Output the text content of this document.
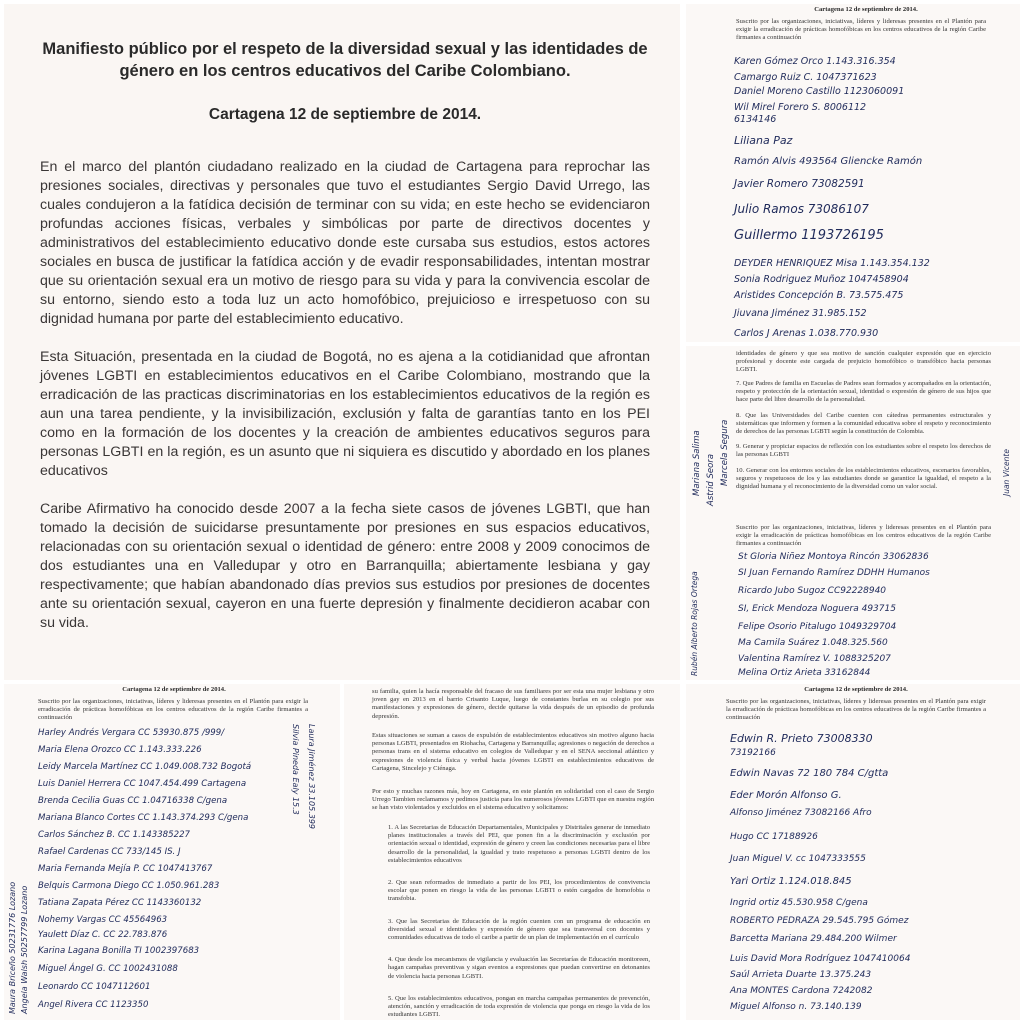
Manifiesto público por el respeto de la diversidad sexual y las identidades de género en los centros educativos del Caribe Colombiano.
Cartagena 12 de septiembre de 2014.

En el marco del plantón ciudadano realizado en la ciudad de Cartagena para reprochar las presiones sociales, directivas y personales que tuvo el estudiantes Sergio David Urrego, las cuales condujeron a la fatídica decisión de terminar con su vida; en este hecho se evidenciaron profundas acciones físicas, verbales y simbólicas por parte de directivos docentes y administrativos del establecimiento educativo donde este cursaba sus estudios, estos actores sociales en busca de justificar la fatídica acción y de evadir responsabilidades, intentan mostrar que su orientación sexual era un motivo de riesgo para su vida y para la convivencia escolar de su entorno, siendo esto a toda luz un acto homofóbico, prejuicioso e irrespetuoso con su dignidad humana por parte del establecimiento educativo.

Esta Situación, presentada en la ciudad de Bogotá, no es ajena a la cotidianidad que afrontan jóvenes LGBTI en establecimientos educativos en el Caribe Colombiano, mostrando que la erradicación de las practicas discriminatorias en los establecimientos educativos de la región es aun una tarea pendiente, y la invisibilización, exclusión y falta de garantías tanto en los PEI como en la formación de los docentes y la creación de ambientes educativos seguros para personas LGBTI en la región, es un asunto que ni siquiera es discutido y abordado en los planes educativos

Caribe Afirmativo ha conocido desde 2007 a la fecha siete casos de jóvenes LGBTI, que han tomado la decisión de suicidarse presuntamente por presiones en sus espacios educativos, relacionadas con su orientación sexual o identidad de género: entre 2008 y 2009 conocimos de dos estudiantes una en Valledupar y otro en Barranquilla; abiertamente lesbiana y gay respectivamente; que habían abandonado días previos sus estudios por presiones de docentes ante su orientación sexual, cayeron en una fuerte depresión y finalmente decidieron acabar con su vida.

Cartagena 12 de septiembre de 2014.
Suscrito por las organizaciones, iniciativas, líderes y lideresas presentes en el Plantón para exigir la erradicación de prácticas homofóbicas en los centros educativos de la región Caribe firmantes a continuación
Karen Gómez Orco 1.143.316.354
Camargo Ruiz C. 1047371623
Daniel Moreno Castillo 1123060091
Wil Mirel Forero S. 8006112
6134146
Liliana Paz
Ramón Alvis 493564 Gliencke Ramón
Javier Romero 73082591
Julio Ramos 73086107
Guillermo 1193726195
DEYDER HENRIQUEZ Misa 1.143.354.132
Sonia Rodriguez Muñoz 1047458904
Aristides Concepción B. 73.575.475
Jiuvana Jiménez 31.985.152
Carlos J Arenas 1.038.770.930
identidades de género y que sea motivo de sanción cualquier expresión que en ejercicio profesional y docente este cargada de prejuicio homofóbico o transfóbico hacia personas LGBTI.
7. Que Padres de familia en Escuelas de Padres sean formados y acompañados en la orientación, respeto y protección de la orientación sexual, identidad o expresión de género de sus hijos que hace parte del libre desarrollo de la personalidad.
8. Que las Universidades del Caribe cuenten con cátedras permanentes estructurales y sistemáticas que informen y formen a la comunidad educativa sobre el respeto y reconocimiento de derechos de las personas LGBTI según la constitución de Colombia.
9. Generar y propiciar espacios de reflexión con los estudiantes sobre el respeto los derechos de las personas LGBTI
10. Generar con los entornos sociales de los establecimientos educativos, escenarios favorables, seguros y respetuosos de los y las estudiantes donde se garantice la igualdad, el respeto a la dignidad humana y el reconocimiento de la diversidad como un valor social.
Suscrito por las organizaciones, iniciativas, líderes y lideresas presentes en el Plantón para exigir la erradicación de prácticas homofóbicas en los centros educativos de la región Caribe firmantes a continuación
St Gloria Niñez Montoya Rincón 33062836
SI Juan Fernando Ramírez DDHH Humanos
Ricardo Jubo Sugoz CC92228940
SI, Erick Mendoza Noguera 493715
Felipe Osorio Pitalugo 1049329704
Ma Camila Suárez 1.048.325.560
Valentina Ramírez V. 1088325207
Melina Ortiz Arieta 33162844
Mariana Salima Astrid Seora Marcela Segura
Rubén Alberto Rojas Ortega
Juan Vicente
Cartagena 12 de septiembre de 2014.
Suscrito por las organizaciones, iniciativas, líderes y lideresas presentes en el Plantón para exigir la erradicación de prácticas homofóbicas en los centros educativos de la región Caribe firmantes a continuación
Harley Andrés Vergara CC 53930.875 /999/
Maria Elena Orozco CC 1.143.333.226
Leidy Marcela Martínez CC 1.049.008.732 Bogotá
Luis Daniel Herrera CC 1047.454.499 Cartagena
Brenda Cecilia Guas CC 1.04716338 C/gena
Mariana Blanco Cortes CC 1.143.374.293 C/gena
Carlos Sánchez B. CC 1.143385227
Rafael Cardenas CC 733/145 IS. J
Maria Fernanda Mejía P. CC 1047413767
Belquis Carmona Diego CC 1.050.961.283
Tatiana Zapata Pérez CC 1143360132
Nohemy Vargas CC 45564963
Yaulett Díaz C. CC 22.783.876
Karina Lagana Bonilla TI 1002397683
Miguel Ángel G. CC 1002431088
Leonardo CC 1047112601
Angel Rivera CC 1123350
Maura Briceño 50231776 Lozano Angela Walsh 50257799 Lozano
Silvia Pineda Ealy 15.3 Laura Jiménez 33.105.399
su familia, quien la hacía responsable del fracaso de sus familiares por ser esta una mujer lesbiana y otro joven gay en 2013 en el barrio Crisanto Luque, luego de constantes burlas en su colegio por sus manifestaciones y expresiones de género, decide quitarse la vida después de un episodio de profunda depresión.
Estas situaciones se suman a casos de expulsión de establecimientos educativos sin motivo alguno hacia personas LGBTI, presentados en Riohacha, Cartagena y Barranquilla; agresiones o negación de derechos a personas trans en el sistema educativo en colegios de Valledupar y en el SENA seccional atlántico y expresiones de violencia física y verbal hacia jóvenes LGBTI en establecimientos educativos de Cartagena, Sincelejo y Ciénaga.
Por esto y muchas razones más, hoy en Cartagena, en este plantón en solidaridad con el caso de Sergio Urrego Tambien reclamamos y pedimos justicia para los numerosos jóvenes LGBTI que en nuestra región se han visto violentados y excluidos en el sistema educativo y solicitamos:
1. A las Secretarias de Educación Departamentales, Municipales y Distritales generar de inmediato planes institucionales a través del PEI, que ponen fin a la discriminación y exclusión por orientación sexual o identidad, expresión de género y creen las condiciones necesarias para el libre desarrollo de la personalidad, la igualdad y trato respetuoso a personas LGBTI dentro de los establecimientos educativos
2. Que sean reformados de inmediato a partir de los PEI, los procedimientos de convivencia escolar que ponen en riesgo la vida de las personas LGBTI o estén cargados de homofobia o transfobia.
3. Que las Secretarias de Educación de la región cuenten con un programa de educación en diversidad sexual e identidades y expresión de género que sea transversal con docentes y comunidades educativas de todo el caribe a partir de un plan de implementación en el currículo
4. Que desde los mecanismos de vigilancia y evaluación las Secretarías de Educación monitoreen, hagan campañas preventivas y sigan eventos a expresiones que puedan convertirse en detonantes de violencia hacia personas LGBTI.
5. Que los establecimientos educativos, pongan en marcha campañas permanentes de prevención, atención, sanción y erradicación de toda expresión de violencia que ponga en riesgo la vida de los estudiantes LGBTI.
Cartagena 12 de septiembre de 2014.
Suscrito por las organizaciones, iniciativas, líderes y lideresas presentes en el Plantón para exigir la erradicación de prácticas homofóbicas en los centros educativos de la región Caribe firmantes a continuación
Edwin R. Prieto 73008330
73192166
Edwin Navas 72 180 784 C/gtta
Eder Morón Alfonso G.
Alfonso Jiménez 73082166 Afro
Hugo CC 17188926
Juan Miguel V. cc 1047333555
Yari Ortiz 1.124.018.845
Ingrid ortiz 45.530.958 C/gena
ROBERTO PEDRAZA 29.545.795 Gómez
Barcetta Mariana 29.484.200 Wilmer
Luis David Mora Rodríguez 1047410064
Saúl Arrieta Duarte 13.375.243
Ana MONTES Cardona 7242082
Miguel Alfonso n. 73.140.139
